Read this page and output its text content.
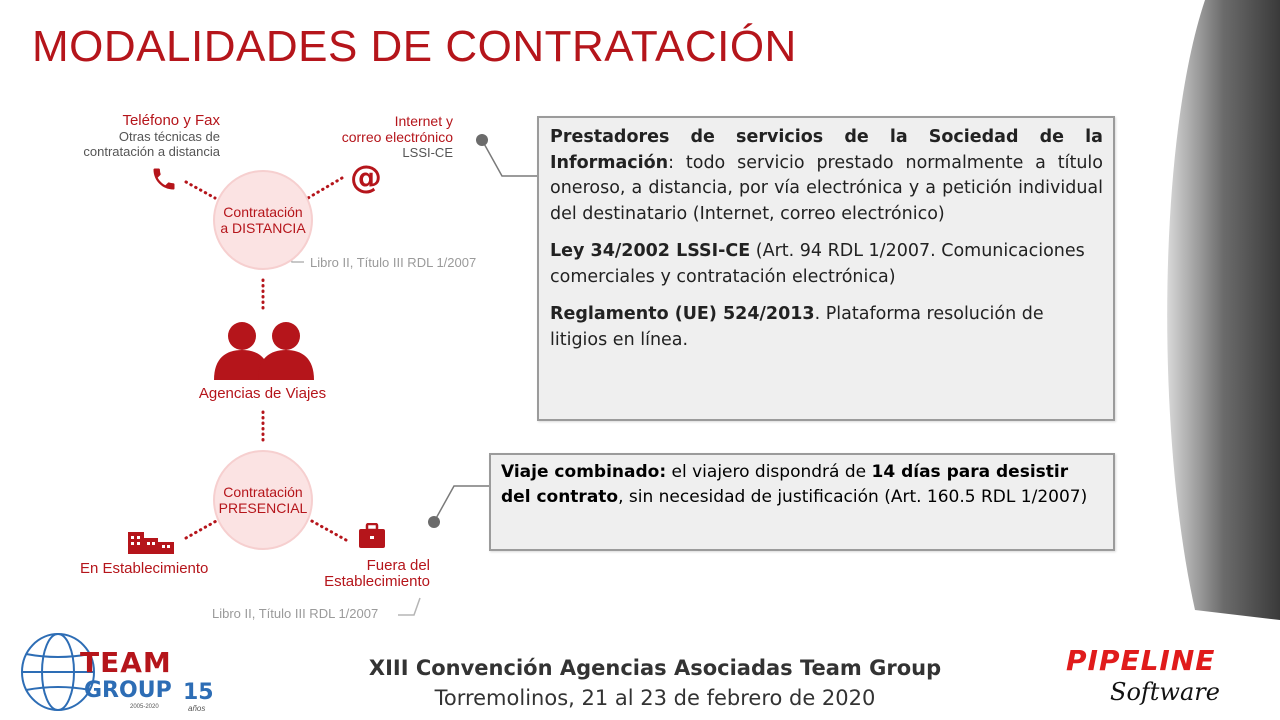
MODALIDADES DE CONTRATACIÓN
Teléfono y Fax
Otras técnicas de
contratación a distancia
Internet y
correo electrónico
LSSI-CE
@
Contratación
a DISTANCIA
Libro II, Título III RDL 1/2007
Agencias de Viajes
Contratación
PRESENCIAL
En Establecimiento	Fuera del
Establecimiento
Libro II, Título III RDL 1/2007

Prestadores de servicios de la Sociedad de la Información: todo servicio prestado normalmente a título oneroso, a distancia, por vía electrónica y a petición individual del destinatario (Internet, correo electrónico)

Ley 34/2002 LSSI-CE (Art. 94 RDL 1/2007. Comunicaciones comerciales y contratación electrónica)

Reglamento (UE) 524/2013. Plataforma resolución de litigios en línea.

Viaje combinado: el viajero dispondrá de 14 días para desistir del contrato, sin necesidad de justificación (Art. 160.5 RDL 1/2007)

XIII Convención Agencias Asociadas Team Group
Torremolinos, 21 al 23 de febrero de 2020
TEAM
GROUP 15
2005-2020	años
PIPELINE
Software
